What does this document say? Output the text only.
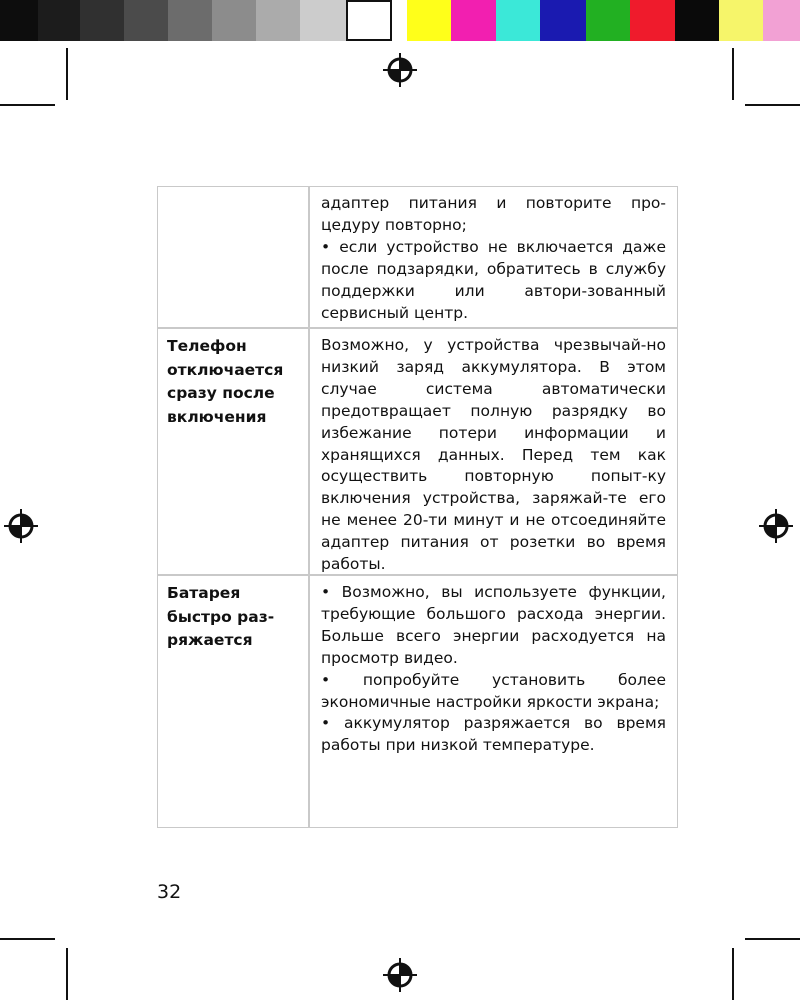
адаптер питания и повторите про-цедуру повторно;

• если устройство не включается даже после подзарядки, обратитесь в службу поддержки или автори-зованный сервисный центр.

Телефон
отключается
сразу после
включения

Возможно, у устройства чрезвычай-но низкий заряд аккумулятора. В этом случае система автоматически предотвращает полную разрядку во избежание потери информации и хранящихся данных. Перед тем как осуществить повторную попыт-ку включения устройства, заряжай-те его не менее 20-ти минут и не отсоединяйте адаптер питания от розетки во время работы.

Батарея
быстро раз-
ряжается

• Возможно, вы используете функции, требующие большого расхода энергии. Больше всего энергии расходуется на просмотр видео.

• попробуйте установить более экономичные настройки яркости экрана;

• аккумулятор разряжается во время работы при низкой температуре.

32
